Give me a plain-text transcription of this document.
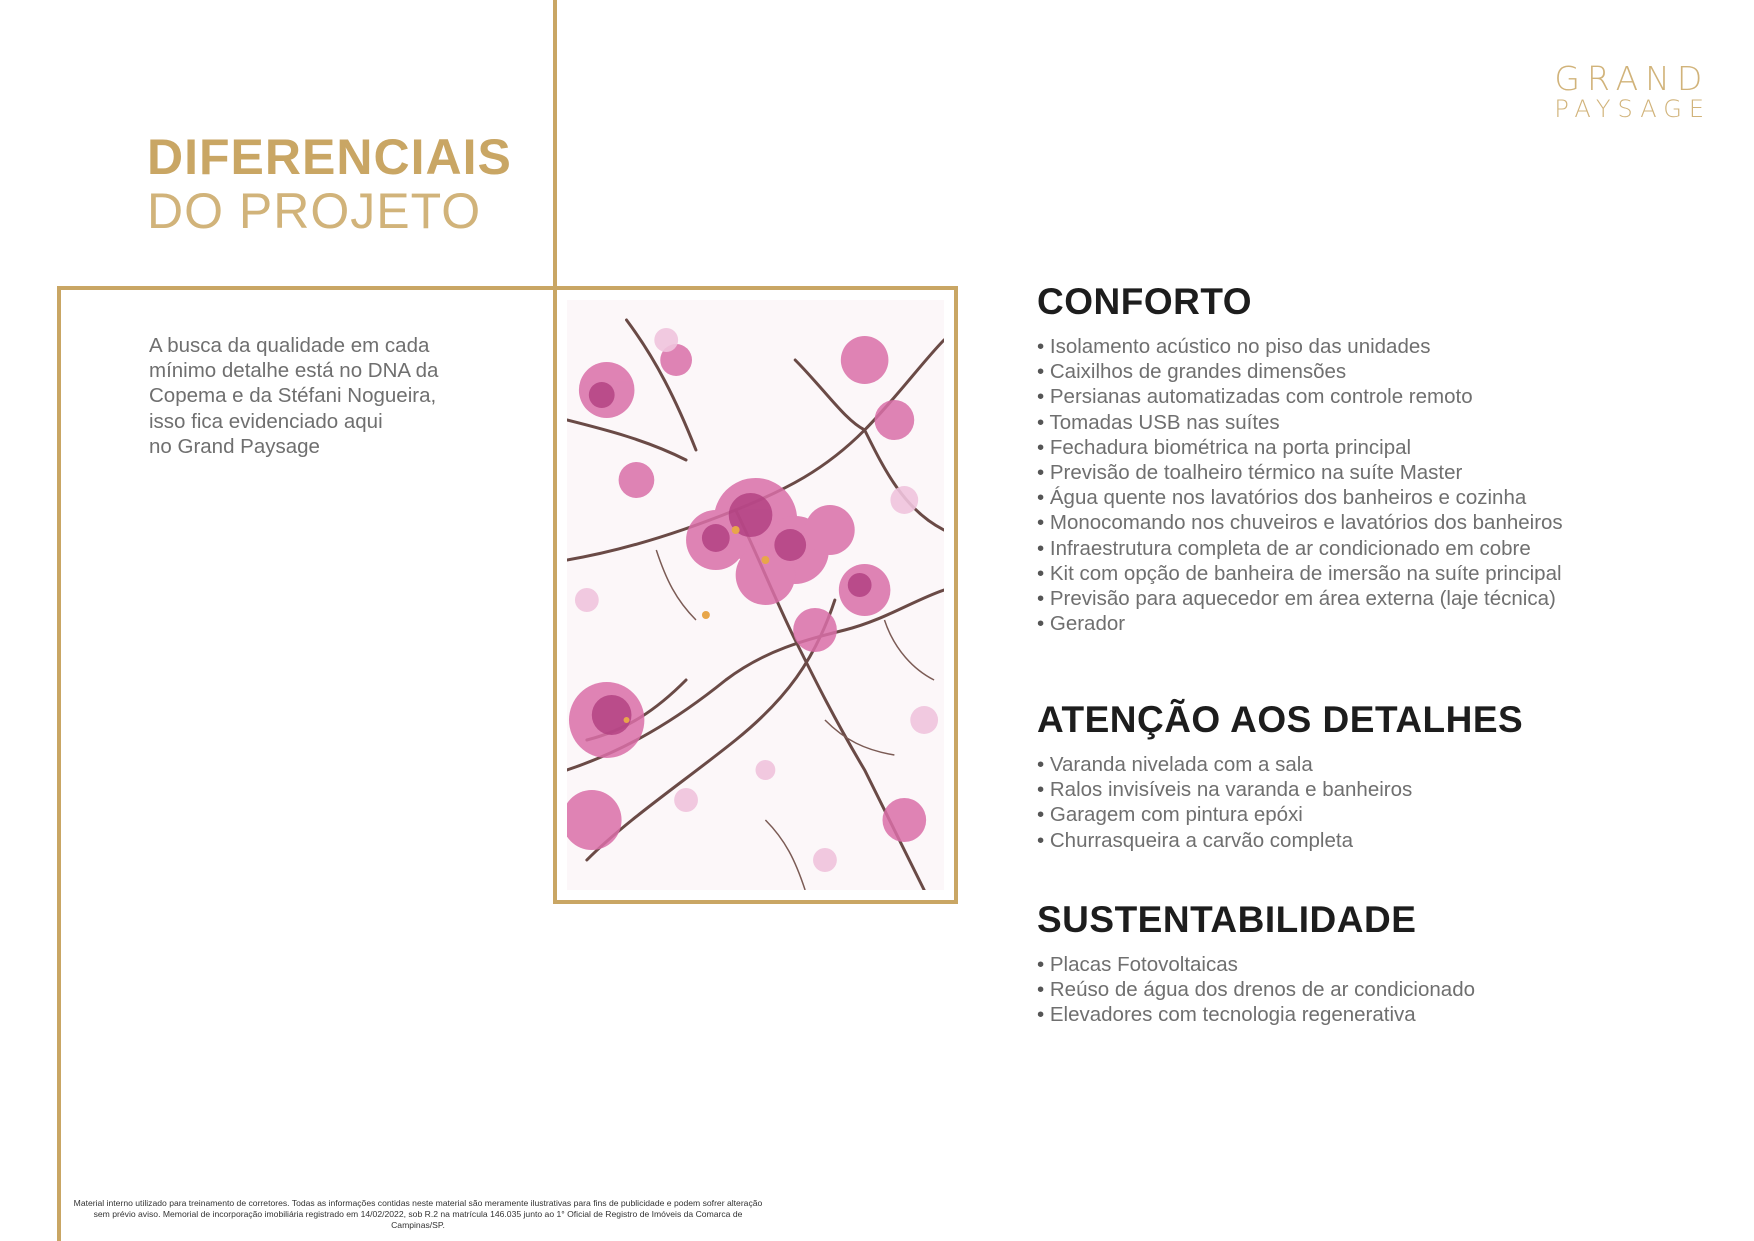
GRAND
PAYSAGE
DIFERENCIAIS
DO PROJETO
A busca da qualidade em cada
mínimo detalhe está no DNA da
Copema e da Stéfani Nogueira,
isso fica evidenciado aqui
no Grand Paysage
CONFORTO
• Isolamento acústico no piso das unidades
• Caixilhos de grandes dimensões
• Persianas automatizadas com controle remoto
• Tomadas USB nas suítes
• Fechadura biométrica na porta principal
• Previsão de toalheiro térmico na suíte Master
• Água quente nos lavatórios dos banheiros e cozinha
• Monocomando nos chuveiros e lavatórios dos banheiros
• Infraestrutura completa de ar condicionado em cobre
• Kit com opção de banheira de imersão na suíte principal
• Previsão para aquecedor em área externa (laje técnica)
• Gerador
ATENÇÃO AOS DETALHES
• Varanda nivelada com a sala
• Ralos invisíveis na varanda e banheiros
• Garagem com pintura epóxi
• Churrasqueira a carvão completa
SUSTENTABILIDADE
• Placas Fotovoltaicas
• Reúso de água dos drenos de ar condicionado
• Elevadores com tecnologia regenerativa
Material interno utilizado para treinamento de corretores. Todas as informações contidas neste material são meramente ilustrativas para fins de publicidade e podem sofrer alteração
sem prévio aviso. Memorial de incorporação imobiliária registrado em 14/02/2022, sob R.2 na matrícula 146.035 junto ao 1° Oficial de Registro de Imóveis da Comarca de Campinas/SP.
